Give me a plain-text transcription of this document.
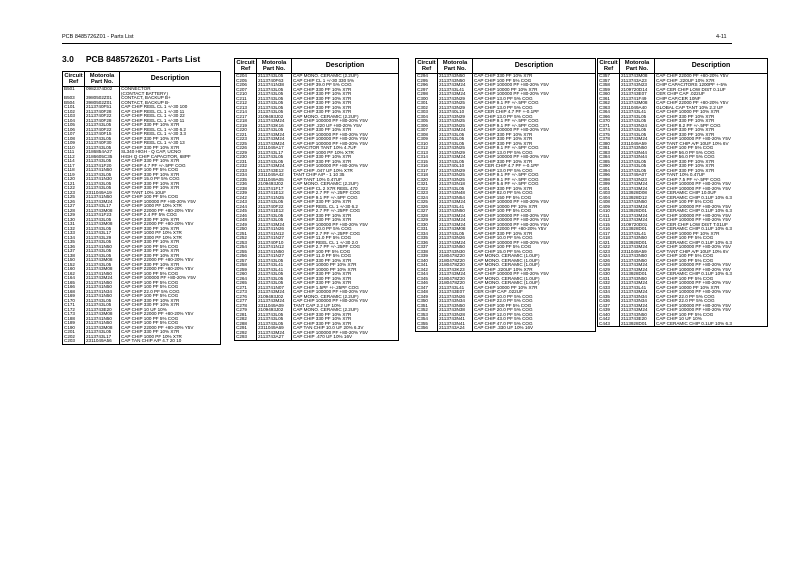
PCB 8485726Z01 - Parts List	4-11
3.0 PCB 8485726Z01 - Parts List
Circuit
Ref	Motorola
Part No.	Description
B501	0982374D02	CONNECTOR
		(CONTACT BATTERY)
B503	3980502Z01	CONTACT, BACKUP B+
B504	3980502Z01	CONTACT, BACKUP B-
C101	2113740F51	CAP CHIP REEL CL 1 +/-30 100
C102	2113740F28	CAP CHIP REEL CL 1 +/-30 11
C103	2113740F22	CAP CHIP REEL CL 1 +/-30 22
C104	2113740F28	CAP CHIP REEL CL 1 +/-30 11
C105	2113743L05	CAP CHIP 330 PF 10% X7R
C106	2113740F22	CAP CHIP REEL CL 1 +/-30 6.2
C107	2113740F15	CAP CHIP REEL CL 1 +/-30 3.3
C108	2113743L05	CAP CHIP 330 PF 10% X7R
C109	2113740F30	CAP CHIP REEL CL 1 +/-30 13
C110	2113743L05	CAP CHIP 330 PF 10% X7R
C111	2186854A27	SL340 HIGH - Q CAP, UCNO
C112	2186605C35	HIGH Q CHIP CAPACITOR, 68PF
C114	2113743L05	CAP CHIP 330 PF 10% X7R
C117	2113741F20	CAP CHIP 4.7 PF +/-.5PF COG
C118	2113741N50	CAP CHIP 100 PF 5% COG
C119	2113743L05	CAP CHIP 330 PF 10% X7R
C120	2113741N30	CAP CHIP 15.0 PF 5% COG
C121	2113743L05	CAP CHIP 330 PF 10% X7R
C122	2113743L05	CAP CHIP 330 PF 10% X7R
C123	2311049A19	CAP TANT 10% 10UF
C125	2113741N50	CAP CHIP 100 PF 5% COG
C126	2113743M24	CAP CHIP 100000 PF +80-20% Y5V
C127	2113743L17	CAP CHIP 1000 PF 10% X7R
C128	2113743M08	CAP CHIP 22000 PF +80-20% Y5V
C129	2113741F23	CAP CHIP 2.4 PF 5% COG
C130	2113743L05	CAP CHIP 330 PF 10% X7R
C131	2113743M08	CAP CHIP 22000 PF +80-20% Y5V
C132	2113743L05	CAP CHIP 330 PF 10% X7R
C133	2113743L17	CAP CHIP 1000 PF 10% X7R
C134	2113743L29	CAP CHIP 3300 PF 10% X7R
C135	2113743L05	CAP CHIP 330 PF 10% X7R
C136	2113741N50	CAP CHIP 100 PF 5% COG
C137	2113743L05	CAP CHIP 330 PF 10% X7R
C138	2113743L05	CAP CHIP 330 PF 10% X7R
C150	2113743M08	CAP CHIP 22000 PF +80-20% Y5V
C152	2113743L05	CAP CHIP 330 PF 10% X7R
C160	2113743M08	CAP CHIP 22000 PF +80-20% Y5V
C162	2113741N50	CAP CHIP 100 PF 5% COG
C164	2113743M24	CAP CHIP 100000 PF +80-20% Y5V
C165	2113741N50	CAP CHIP 100 PF 5% COG
C166	2113741N50	CAP CHIP 100 PF 5% COG
C168	2113741N34	CAP CHIP 22.0 PF 5% COG
C169	2113741N50	CAP CHIP 100 PF 5% COG
C170	2113743L05	CAP CHIP 330 PF 10% X7R
C171	2113743L05	CAP CHIP 330 PF 10% X7R
C172	2113743E20	CAP CHIP 10 UF 10%
C173	2113743M08	CAP CHIP 22000 PF +80-20% Y5V
C188	2113741N50	CAP CHIP 100 PF 5% COG
C189	2113741N50	CAP CHIP 100 PF 5% COG
C190	2113743M08	CAP CHIP 22000 PF +80-20% Y5V
C201	2113743L05	CAP CHIP 330 PF 10% X7R
C202	2113743L17	CAP CHIP 1000 PF 10% X7R
C203	2311049A56	CAP TAN CHIP A/P 4.7 20 10
Circuit
Ref	Motorola
Part No.	Description
C204	2113743L05	CAP MONO. CERAMIC (2.2UF)
C205	2113740F63	CAP CHIP CL 1 +/-30 330 5%
C206	2113741N38	CAP CHIP 39.0 PF 5% COG
C207	2113743L05	CAP CHIP 330 PF 10% X7R
C210	2113743L05	CAP CHIP 330 PF 10% X7R
C211	2113743L05	CAP CHIP 330 PF 10% X7R
C212	2113743L05	CAP CHIP 330 PF 10% X7R
C213	2113743L05	CAP CHIP 330 PF 10% X7R
C214	2113743L05	CAP CHIP 330 PF 10% X7R
C217	2109493J02	CAP MONO. CERAMIC (2.2UF)
C218	2113743M24	CAP CHIP 100000 PF +80-20% Y5V
C219	2113743K16	CAP CHIP .220 UF +80-20% Y5V
C220	2113743L05	CAP CHIP 330 PF 10% X7R
C221	2113743M24	CAP CHIP 100000 PF +80-20% Y5V
C223	2113743M24	CAP CHIP 100000 PF +80-20% Y5V
C225	2113743M24	CAP CHIP 100000 PF +80-20% Y5V
C226	2311049A17	CAPACITOR TANT 10% 4.7UF
C229	2113743L17	CAP CHIP 1000 PF 10% X7R
C230	2113743L05	CAP CHIP 330 PF 10% X7R
C231	2113743L05	CAP CHIP 330 PF 10% X7R
C232	2113743M24	CAP CHIP 100000 PF +80-20% Y5V
C233	2113743E12	CAP CHIP .047 UF 10% X7R
C234	2311049A42	TANT CHIP A/P - 1 10 35
C235	2311049A05	CAP TANT 10% 0.47UF
C236	2109493J02	CAP MONO. CERAMIC (2.2UF)
C238	2113741F17	CAP CHIP CL 2 X7R REEL 470
C239	2113741E12	CAP CHIP 2.7 PF +/-.25PF COG
C242	2113741N25	CAP CHIP 9.1 PF +/-.5PF COG
C243	2113743L05	CAP CHIP 330 PF 10% X7R
C244	2113740F22	CAP CHIP REEL CL 1 +/-30 6.2
C245	2113741E12	CAP CHIP 2.7 PF +/-.25PF COG
C246	2113743L05	CAP CHIP 330 PF 10% X7R
C248	2113743L05	CAP CHIP 330 PF 10% X7R
C249	2113743M24	CAP CHIP 100000 PF +80-20% Y5V
C250	2113741N26	CAP CHIP 10.0 PF 5% COG
C251	2113741N12	CAP CHIP 2.7 PF +/-.25PF COG
C252	2113741N27	CAP CHIP 11.0 PF 5% COG
C253	2113740F10	CAP CHIP REEL CL 1 +/-30 2.0
C254	2113741N12	CAP CHIP 2.7 PF +/-.25PF COG
C255	2113741N50	CAP CHIP 100 PF 5% COG
C256	2113741N27	CAP CHIP 11.0 PF 5% COG
C257	2113743L05	CAP CHIP 330 PF 10% X7R
C258	2113743L41	CAP CHIP 10000 PF 10% X7R
C259	2113743L41	CAP CHIP 10000 PF 10% X7R
C260	2113743L05	CAP CHIP 330 PF 10% X7R
C264	2113743L05	CAP CHIP 330 PF 10% X7R
C265	2113743L05	CAP CHIP 330 PF 10% X7R
C271	2113741N07	CAP CHIP 1.5PF +/-.25PF COG
C273	2113743M24	CAP CHIP 100000 PF +80-20% Y5V
C276	2109493J02	CAP MONO. CERAMIC (2.2UF)
C277	2113743M24	CAP CHIP 100000 PF +80-20% Y5V
C278	2311049A09	TANT CAP 2.2 UF 10%
C279	2109493J02	CAP MONO. CERAMIC (2.2UF)
C281	2113743L05	CAP CHIP 330 PF 10% X7R
C282	2113743L05	CAP CHIP 330 PF 10% X7R
C288	2113743L05	CAP CHIP 330 PF 10% X7R
C291	2311049A69	CAP TAN CHIP 10.0 UF 20% 6.3V
C292	2113743M24	CAP CHIP 100000 PF +80-20% Y5V
C293	2113743A27	CAP CHIP .470 UF 10% 16V
Circuit
Ref	Motorola
Part No.	Description
C294	2113743N50	CAP CHIP 330 PF 10% X7R
C295	2113743N50	CAP CHIP 100 PF 5% COG
C296	2113743M24	CAP CHIP 100000 PF +80-20% Y5V
C297	2113743L41	CAP CHIP 10000 PF 10% X7R
C298	2113743M24	CAP CHIP 100000 PF +80-20% Y5V
C300	2113743N29	CAP CHIP 13.0 PF 5% COG
C301	2113743N25	CAP CHIP 9.1 PF +/-.5PF COG
C302	2113743N29	CAP CHIP 13.0 PF 5% COG
C303	2113740L10	CAP CER CHIP 4.7 PF +-0.1PF
C304	2113743N29	CAP CHIP 13.0 PF 5% COG
C305	2113743N25	CAP CHIP 9.1 PF +/-.5PF COG
C306	2113743N25	CAP CHIP 9.1 PF +/-.5PF COG
C307	2113743M24	CAP CHIP 100000 PF +80-20% Y5V
C308	2113743L05	CAP CHIP 330 PF 10% X7R
C309	2113743L05	CAP CHIP 330 PF 10% X7R
C310	2113743L05	CAP CHIP 330 PF 10% X7R
C312	2113743N25	CAP CHIP 9.1 PF +/-.5PF COG
C313	2113743N29	CAP CHIP 13.0 PF 5% COG
C314	2113743M24	CAP CHIP 100000 PF +80-20% Y5V
C315	2113743L05	CAP CHIP 330 PF 10% X7R
C316	2113740L10	CAP CER CHIP 4.7 PF +-0.1PF
C317	2113743N29	CAP CHIP 13.0 PF 5% COG
C318	2113743N25	CAP CHIP 9.1 PF +/-.5PF COG
C320	2113743N25	CAP CHIP 9.1 PF +/-.5PF COG
C321	2113743N18	CAP CHIP 5.6 PF +/-.5PF COG
C322	2113743L05	CAP CHIP 330 PF 10% X7R
C323	2113743N48	CAP CHIP 82.0 PF 5% COG
C324	2113743N54	CAP CHIP 150 PF 5% COG
C325	2113743M24	CAP CHIP 100000 PF +80-20% Y5V
C326	2113743L41	CAP CHIP 10000 PF 10% X7R
C327	2113743N50	CAP CHIP 100 PF 5% COG
C328	2113743M24	CAP CHIP 100000 PF +80-20% Y5V
C329	2113743M24	CAP CHIP 100000 PF +80-20% Y5V
C330	2113743M24	CAP CHIP 100000 PF +80-20% Y5V
C331	2113743M08	CAP CHIP 22000 PF +80-20% Y5V
C334	2113743L05	CAP CHIP 330 PF 10% X7R
C335	2113743N26	CAP CHIP 10.0 PF 5% COG
C336	2113743M24	CAP CHIP 100000 PF +80-20% Y5V
C337	2113743N50	CAP CHIP 100 PF 5% COG
C338	2113743N30	CAP CHIP 15.0 PF 5% COG
C339	2180478Z20	CAP MONO. CERAMIC (1.0UF)
C340	2180478Z20	CAP MONO. CERAMIC (1.0UF)
C341	2180478Z20	CAP MONO. CERAMIC (1.0UF)
C342	2113743K23	CAP CHIP .220UF 10% X7R
C344	2113743M24	CAP CHIP 100000 PF +80-20% Y5V
C345	2180478Z20	CAP MONO. CERAMIC (1.0UF)
C346	2180478Z20	CAP MONO. CERAMIC (1.0UF)
C347	2113743L41	CAP CHIP 10000 PF 10% X7R
C348	2113743E07	CER CHIP CAP .022UF
C349	2113743N26	CAP CHIP 10.0 PF 5% COG
C350	2113743N34	CAP CHIP 22.0 PF 5% COG
C351	2113743N50	CAP CHIP 100 PF 5% COG
C352	2113743N38	CAP CHIP 20.0 PF 5% COG
C353	2113743N28	CAP CHIP 12.0 PF 5% COG
C354	2113743N41	CAP CHIP 43.0 PF 5% COG
C355	2113743N41	CAP CHIP 47.0 PF 5% COG
C356	2113743A24	CAP CHIP .330 UF 10% 16V
Circuit
Ref	Motorola
Part No.	Description
C357	2113743M08	CAP CHIP 22000 PF +80-20% Y5V
C357	2113743A23	CAP CHIP .220UF 10% X7R
C358	2113743N23	CHIP CAPACITORS 1200PF +-5%
C359	2109720D14	CAP CER CHIP LOW DIST 0.1UF
C360	2113743E07	CER CHIP CAP .022UF
C361	2113741F49	CHIP CAP,CER 10NF
C362	2113743M08	CAP CHIP 22000 PF +80-20% Y5V
C363	2311049A40	GLOBAL CAP TANT 10% 2.2 UF
C364	2113743L41	CAP CHIP 10000 PF 10% X7R
C366	2113743L05	CAP CHIP 330 PF 10% X7R
C370	2113743L05	CAP CHIP 330 PF 10% X7R
C371	2113743N24	CAP CHIP 8.2 PF +/-.5PF COG
C374	2113743L05	CAP CHIP 330 PF 10% X7R
C375	2113743L05	CAP CHIP 330 PF 10% X7R
C378	2113743M24	CAP CHIP 100000 PF +80-20% Y5V
C380	2311049A59	CAP TANT CHIP A/P 10UF 10% 6V
C381	2113743N50	CAP CHIP 100 PF 5% COG
C383	2113743N44	CAP CHIP 56.0 PF 5% COG
C384	2113743N44	CAP CHIP 56.0 PF 5% COG
C385	2113743L05	CAP CHIP 330 PF 10% X7R
C390	2113743L05	CAP CHIP 330 PF 10% X7R
C394	2113743L05	CAP CHIP 330 PF 10% X7R
C396	2113749A07	CAP TANT 10% 0.47UF
C398	2113743N23	CAP CHIP 7.5 PF +/-.5PF COG
C399	2113743M24	CAP CHIP 100000 PF +80-20% Y5V
C401	2113743M24	CAP CHIP 100000 PF +80-20% Y5V
C403	2113928D08	CAP CERAMIC CHIP 10.0UF
C404	2113928D12	CAP CERAMIC CHIP 0.1UF 10% 6.3
C408	2113743N50	CAP CHIP 100 PF 5% COG
C409	2113743M24	CAP CHIP 100000 PF +80-20% Y5V
C410	2113928D01	CAP CERAMIC CHIP 0.1UF 10% 6.3
C411	2113743M24	CAP CHIP 100000 PF +80-20% Y5V
C413	2113743M24	CAP CHIP 100000 PF +80-20% Y5V
C415	2109720D01	CAP CER CHIP LOW DIST T.01UF
C416	2113928D01	CAP CERAMIC CHIP 0.1UF 10% 6.3
C417	2113743L41	CAP CHIP 10000 PF 10% X7R
C418	2113743N50	CAP CHIP 100 PF 5% COG
C421	2113928D01	CAP CERAMIC CHIP 0.1UF 10% 6.3
C422	2113743M24	CAP CHIP 100000 PF +80-20% Y5V
C423	2311049A59	CAP TANT CHIP A/P 10UF 10% 6V
C424	2113743N50	CAP CHIP 100 PF 5% COG
C426	2113743N50	CAP CHIP 100 PF 5% COG
C428	2113743M24	CAP CHIP 100000 PF +80-20% Y5V
C429	2113743M24	CAP CHIP 100000 PF +80-20% Y5V
C430	2113928D01	CAP CERAMIC CHIP 0.1UF 10% 6.3
C431	2113743N50	CAP CHIP 100 PF 5% COG
C432	2113743M24	CAP CHIP 100000 PF +80-20% Y5V
C433	2113743L41	CAP CHIP 10000 PF 10% X7R
C434	2113743M24	CAP CHIP 100000 PF +80-20% Y5V
C435	2113743N34	CAP CHIP 22.0 PF 5% COG
C436	2113743N34	CAP CHIP 22.0 PF 5% COG
C437	2113743M24	CAP CHIP 100000 PF +80-20% Y5V
C439	2113743M24	CAP CHIP 100000 PF +80-20% Y5V
C440	2113743N50	CAP CHIP 100 PF 5% COG
C442	2113743E20	CAP CHIP 10 UF 10%
C443	2113928D01	CAP CERAMIC CHIP 0.1UF 10% 6.3
